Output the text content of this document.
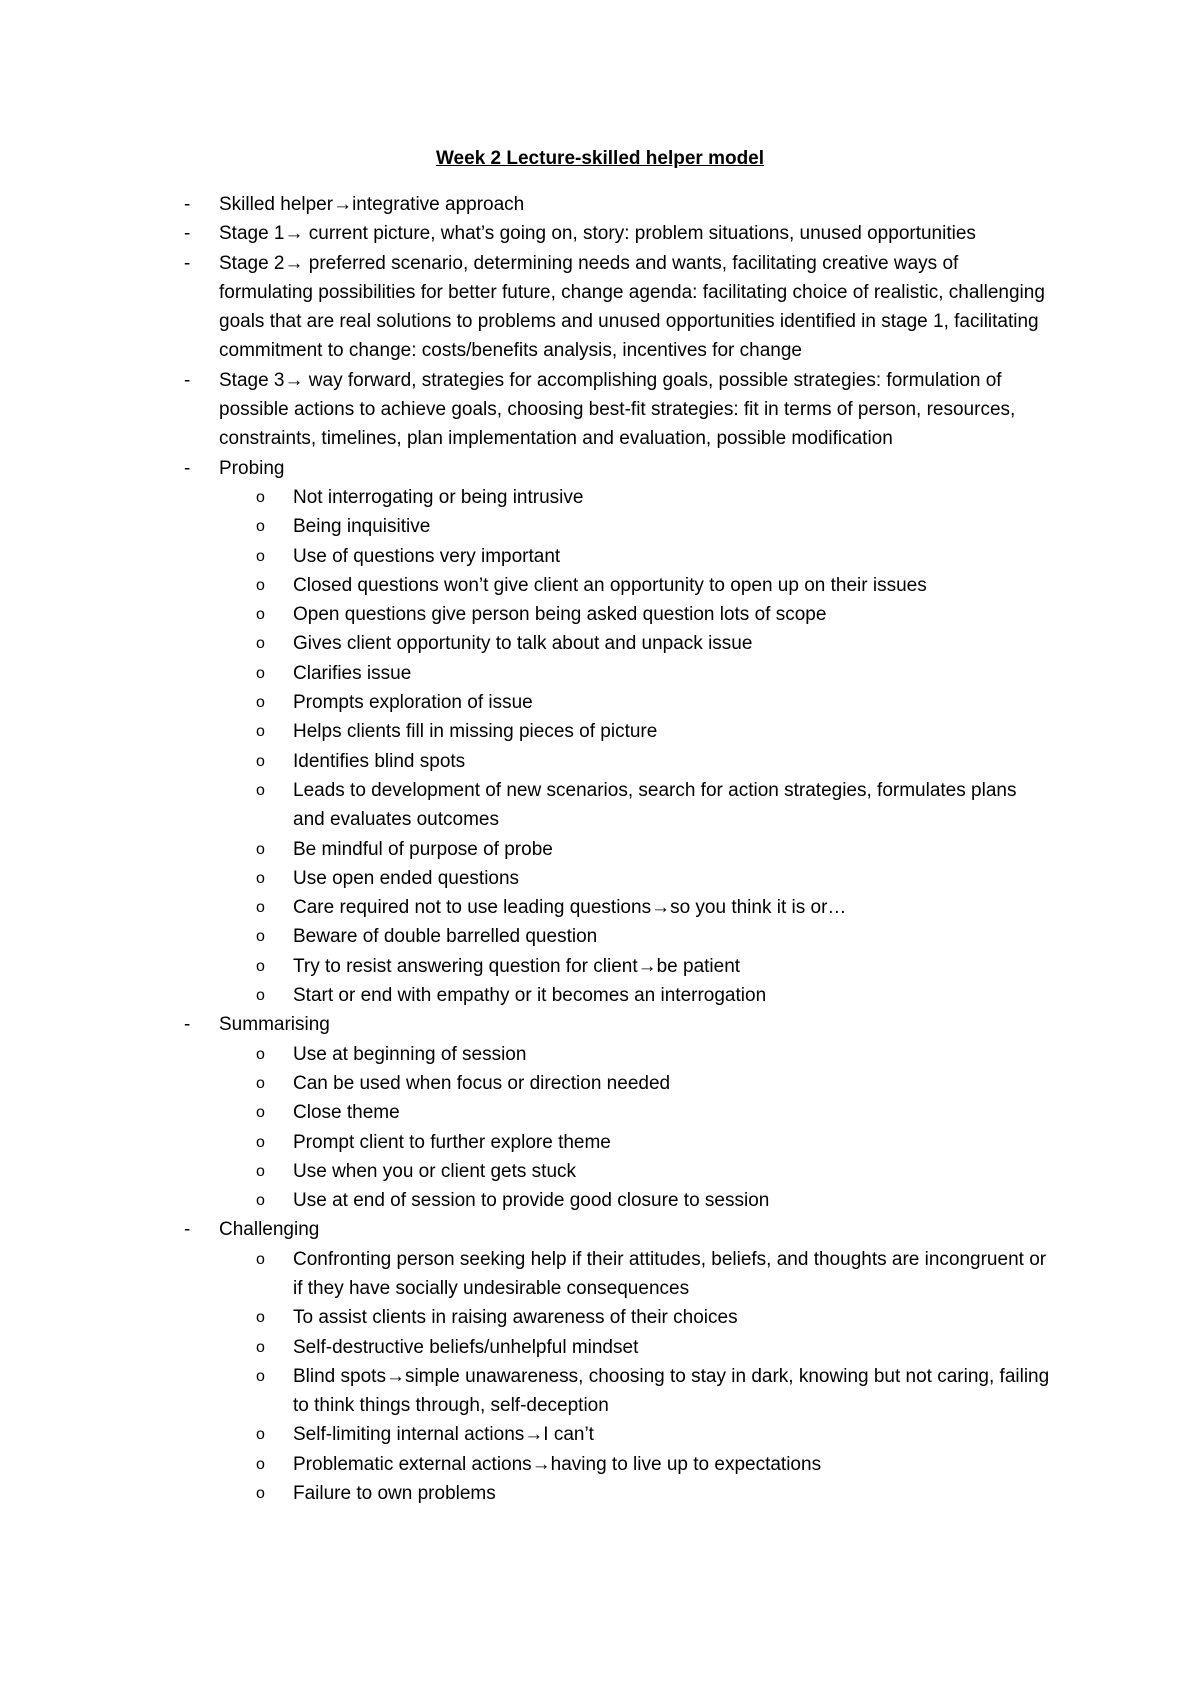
Week 2 Lecture-skilled helper model
- Skilled helper→integrative approach
- Stage 1→ current picture, what’s going on, story: problem situations, unused opportunities
- Stage 2→ preferred scenario, determining needs and wants, facilitating creative ways of formulating possibilities for better future, change agenda: facilitating choice of realistic, challenging goals that are real solutions to problems and unused opportunities identified in stage 1, facilitating commitment to change: costs/benefits analysis, incentives for change
- Stage 3→ way forward, strategies for accomplishing goals, possible strategies: formulation of possible actions to achieve goals, choosing best-fit strategies: fit in terms of person, resources, constraints, timelines, plan implementation and evaluation, possible modification
- Probing
o Not interrogating or being intrusive
o Being inquisitive
o Use of questions very important
o Closed questions won’t give client an opportunity to open up on their issues
o Open questions give person being asked question lots of scope
o Gives client opportunity to talk about and unpack issue
o Clarifies issue
o Prompts exploration of issue
o Helps clients fill in missing pieces of picture
o Identifies blind spots
o Leads to development of new scenarios, search for action strategies, formulates plans and evaluates outcomes
o Be mindful of purpose of probe
o Use open ended questions
o Care required not to use leading questions→so you think it is or…
o Beware of double barrelled question
o Try to resist answering question for client→be patient
o Start or end with empathy or it becomes an interrogation
- Summarising
o Use at beginning of session
o Can be used when focus or direction needed
o Close theme
o Prompt client to further explore theme
o Use when you or client gets stuck
o Use at end of session to provide good closure to session
- Challenging
o Confronting person seeking help if their attitudes, beliefs, and thoughts are incongruent or if they have socially undesirable consequences
o To assist clients in raising awareness of their choices
o Self-destructive beliefs/unhelpful mindset
o Blind spots→simple unawareness, choosing to stay in dark, knowing but not caring, failing to think things through, self-deception
o Self-limiting internal actions→I can’t
o Problematic external actions→having to live up to expectations
o Failure to own problems
